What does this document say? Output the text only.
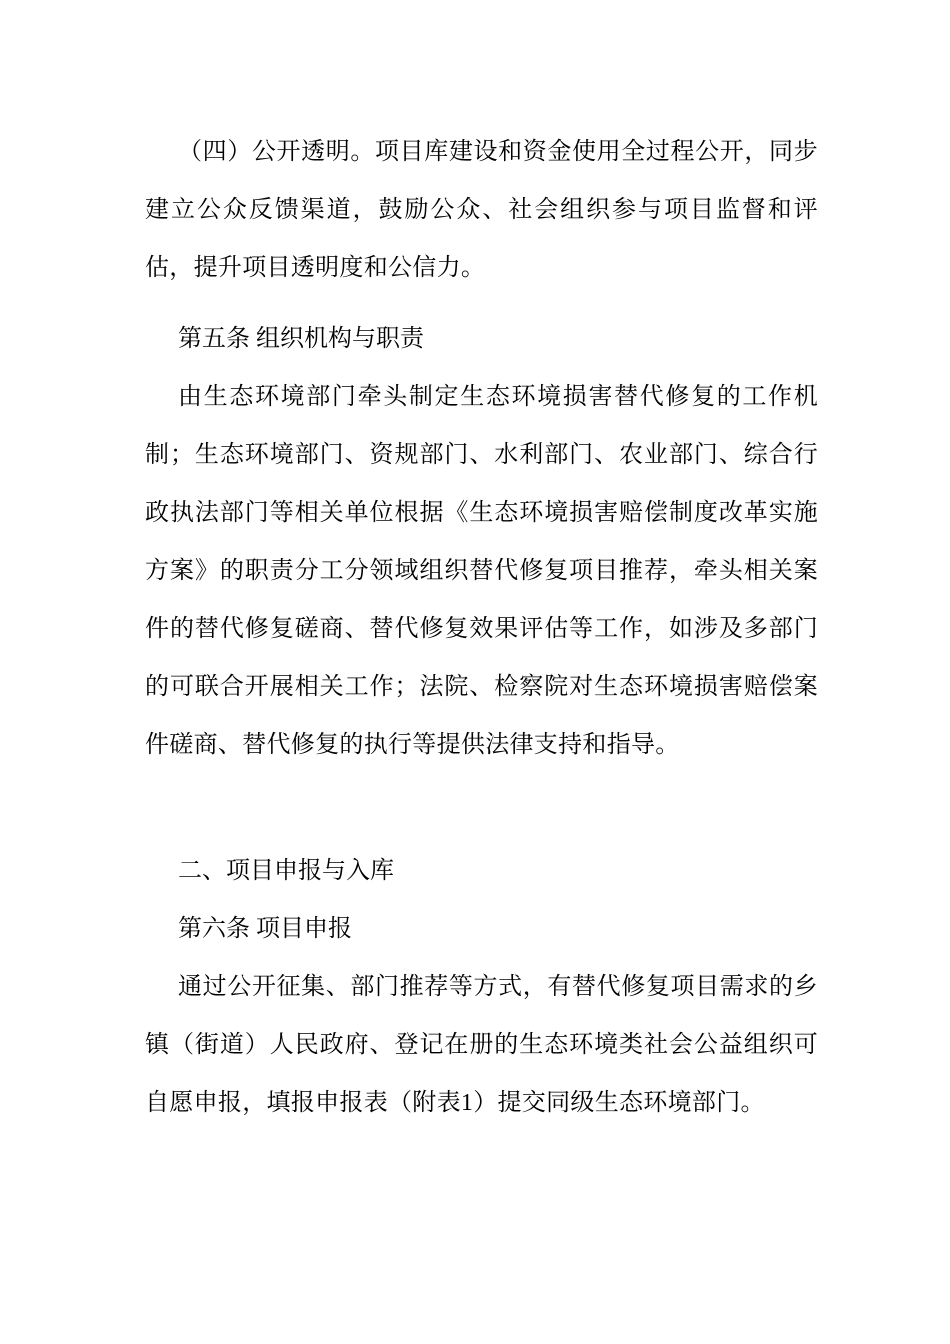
（四）公开透明。项目库建设和资金使用全过程公开，同步建立公众反馈渠道，鼓励公众、社会组织参与项目监督和评估，提升项目透明度和公信力。

第五条 组织机构与职责

由生态环境部门牵头制定生态环境损害替代修复的工作机制；生态环境部门、资规部门、水利部门、农业部门、综合行政执法部门等相关单位根据《生态环境损害赔偿制度改革实施方案》的职责分工分领域组织替代修复项目推荐，牵头相关案件的替代修复磋商、替代修复效果评估等工作，如涉及多部门的可联合开展相关工作；法院、检察院对生态环境损害赔偿案件磋商、替代修复的执行等提供法律支持和指导。

二、项目申报与入库

第六条 项目申报

通过公开征集、部门推荐等方式，有替代修复项目需求的乡镇（街道）人民政府、登记在册的生态环境类社会公益组织可自愿申报，填报申报表（附表1）提交同级生态环境部门。
